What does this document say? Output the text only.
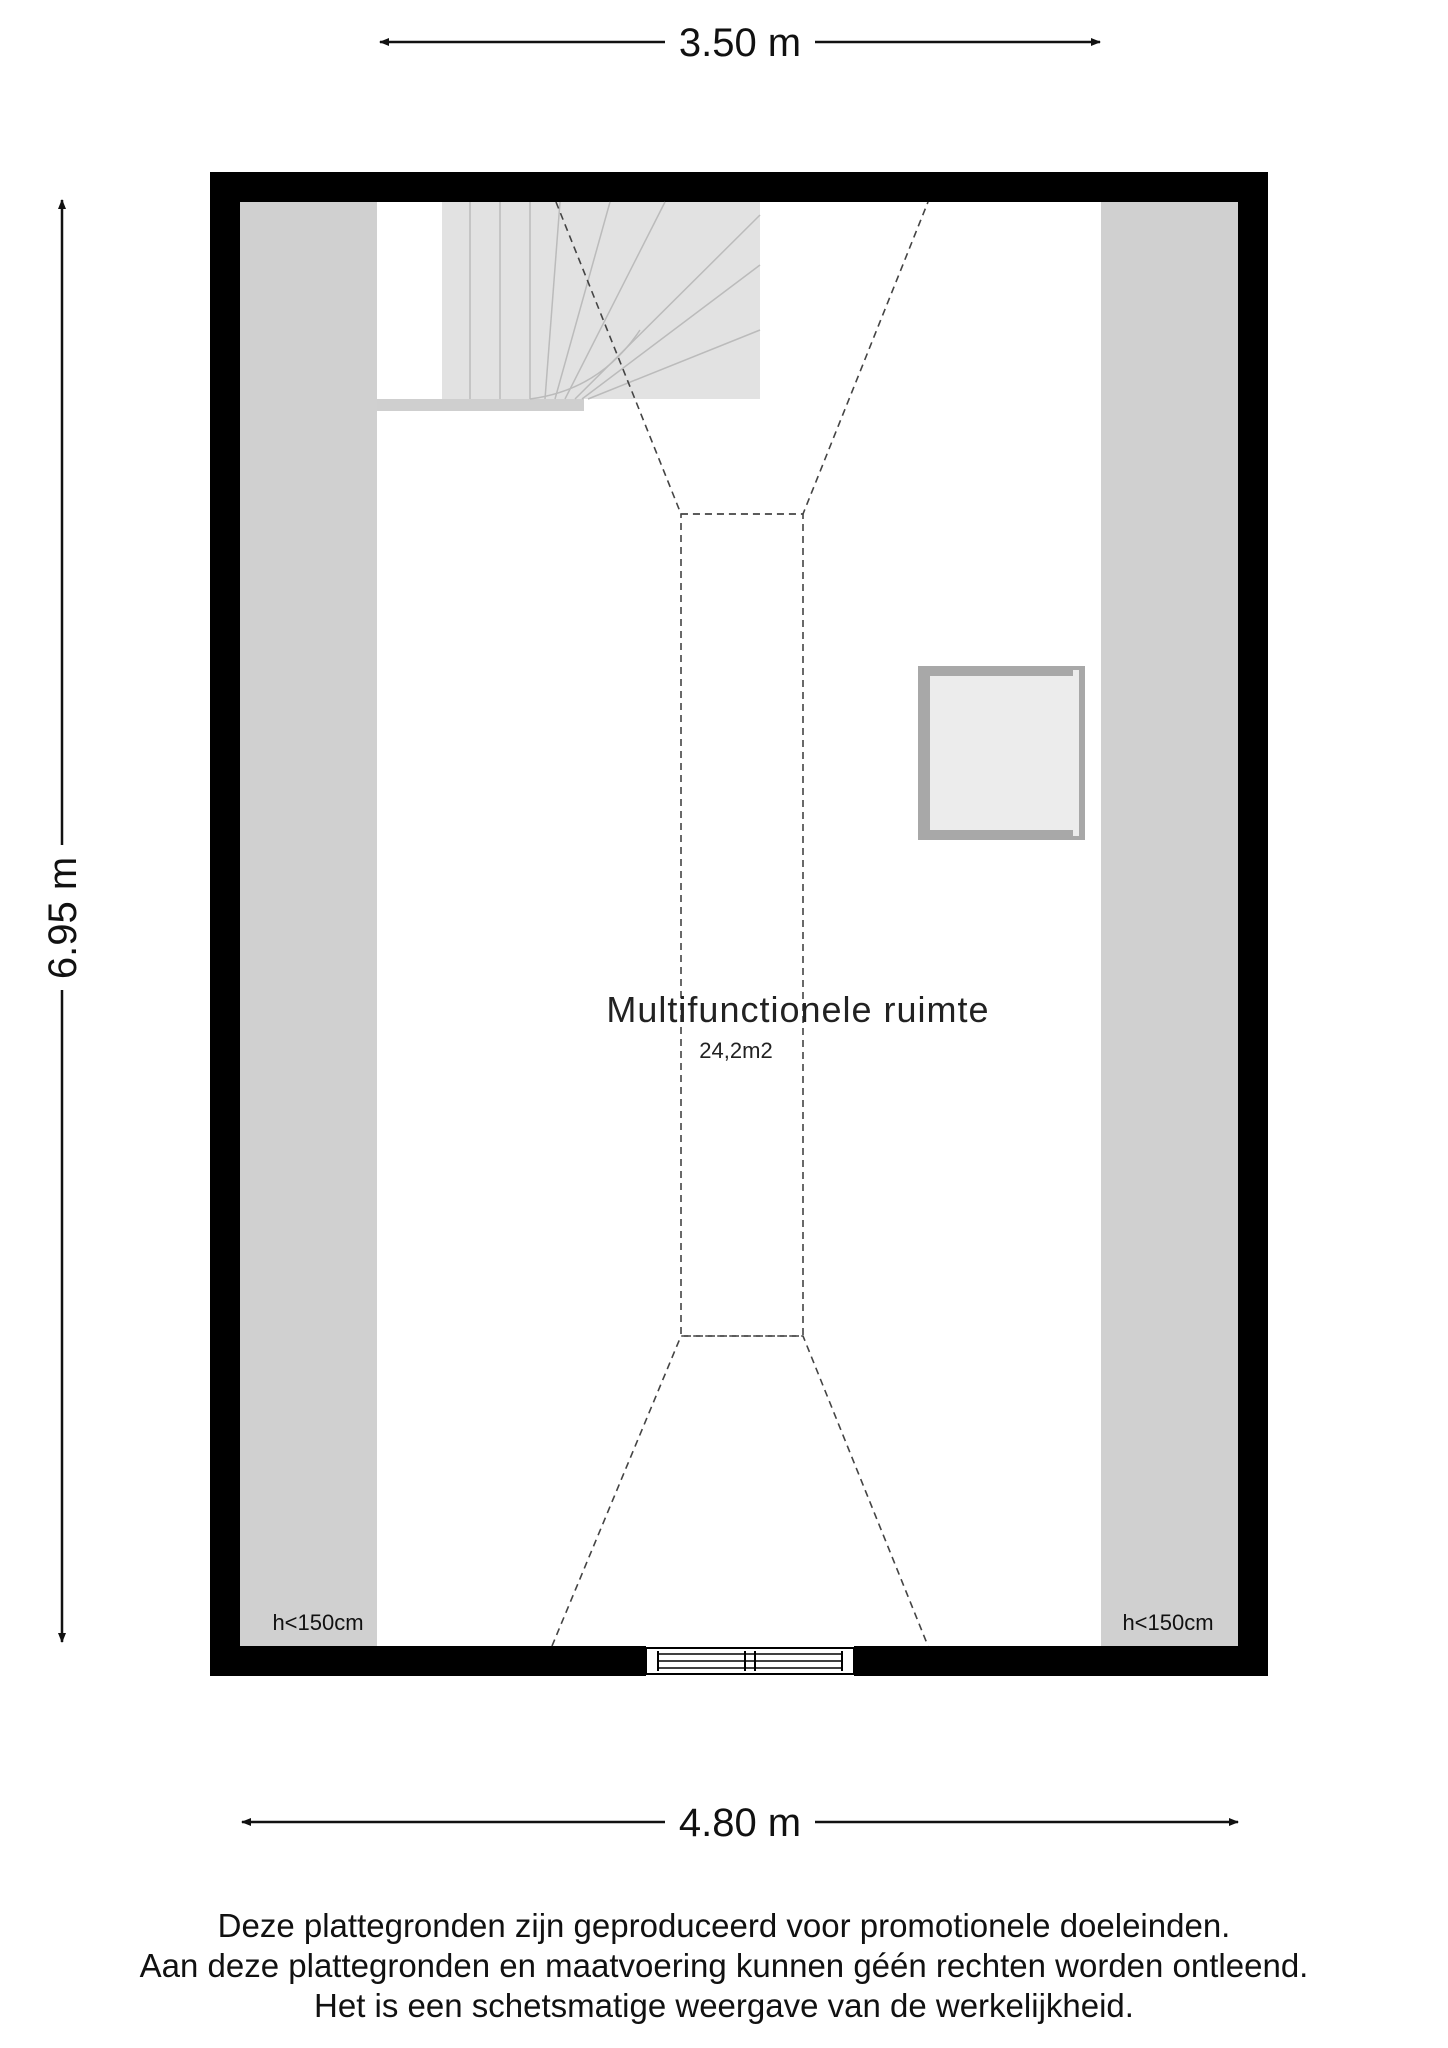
3.50 m
6.95 m
4.80 m
Multifunctionele ruimte
24,2m2
h<150cm	h<150cm
Deze plattegronden zijn geproduceerd voor promotionele doeleinden.
Aan deze plattegronden en maatvoering kunnen géén rechten worden ontleend.
Het is een schetsmatige weergave van de werkelijkheid.
